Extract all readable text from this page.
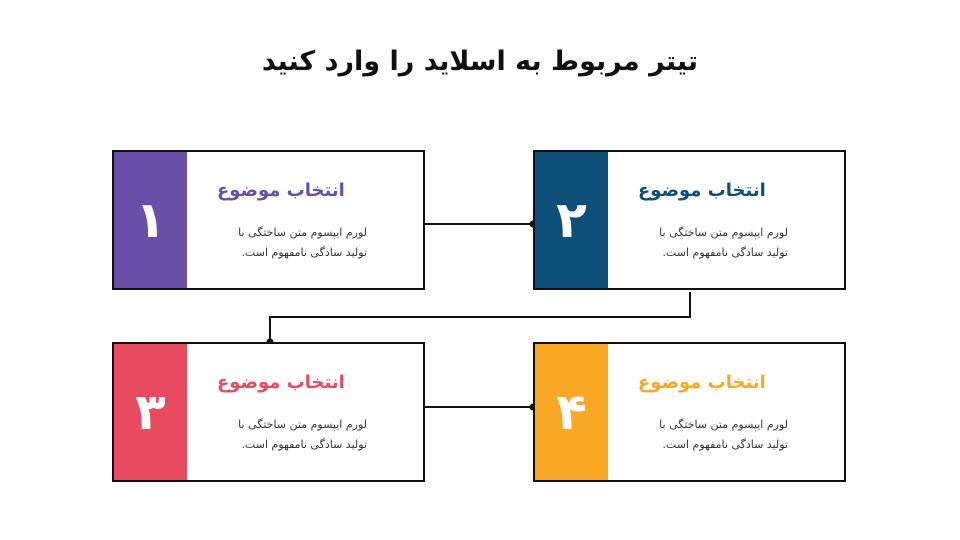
تیتر مربوط به اسلاید را وارد کنید
۱
انتخاب موضوع
لورم ایپسوم متن ساختگی با تولید سادگی نامفهوم است.
۲
انتخاب موضوع
لورم ایپسوم متن ساختگی با تولید سادگی نامفهوم است.
۳
انتخاب موضوع
لورم ایپسوم متن ساختگی با تولید سادگی نامفهوم است.
۴
انتخاب موضوع
لورم ایپسوم متن ساختگی با تولید سادگی نامفهوم است.
